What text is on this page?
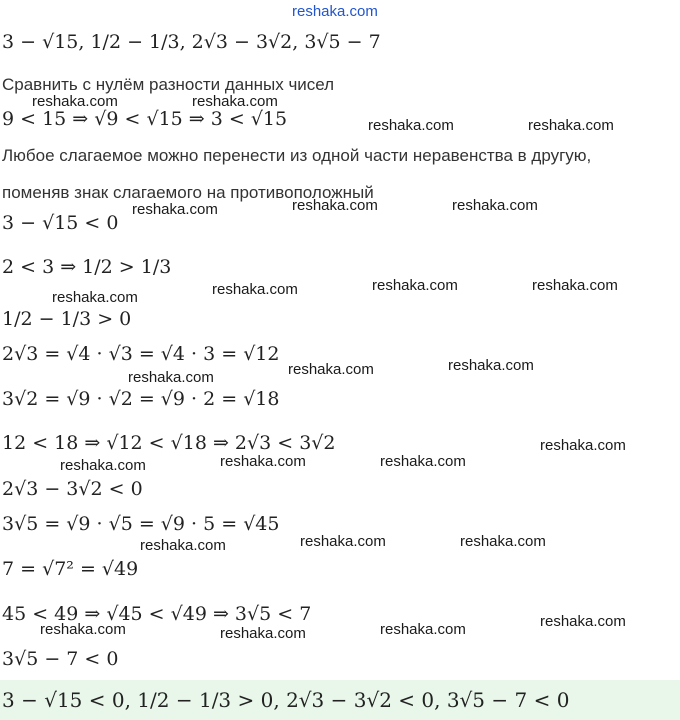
reshaka.com
reshaka.com	reshaka.com
reshaka.com	reshaka.com
reshaka.com	reshaka.com	reshaka.com
reshaka.com	reshaka.com	reshaka.com	reshaka.com
reshaka.com	reshaka.com	reshaka.com
reshaka.com
reshaka.com	reshaka.com	reshaka.com
reshaka.com	reshaka.com	reshaka.com
reshaka.com
reshaka.com	reshaka.com	reshaka.com
3 − √15, 1/2 − 1/3, 2√3 − 3√2, 3√5 − 7
Сравнить с нулём разности данных чисел
9 < 15 ⇒ √9 < √15 ⇒ 3 < √15
Любое слагаемое можно перенести из одной части неравенства в другую,
поменяв знак слагаемого на противоположный
3 − √15 < 0
2 < 3 ⇒ 1/2 > 1/3
1/2 − 1/3 > 0
2√3 = √4 · √3 = √4 · 3 = √12
3√2 = √9 · √2 = √9 · 2 = √18
12 < 18 ⇒ √12 < √18 ⇒ 2√3 < 3√2
2√3 − 3√2 < 0
3√5 = √9 · √5 = √9 · 5 = √45
7 = √7² = √49
45 < 49 ⇒ √45 < √49 ⇒ 3√5 < 7
3√5 − 7 < 0
3 − √15 < 0, 1/2 − 1/3 > 0, 2√3 − 3√2 < 0, 3√5 − 7 < 0
